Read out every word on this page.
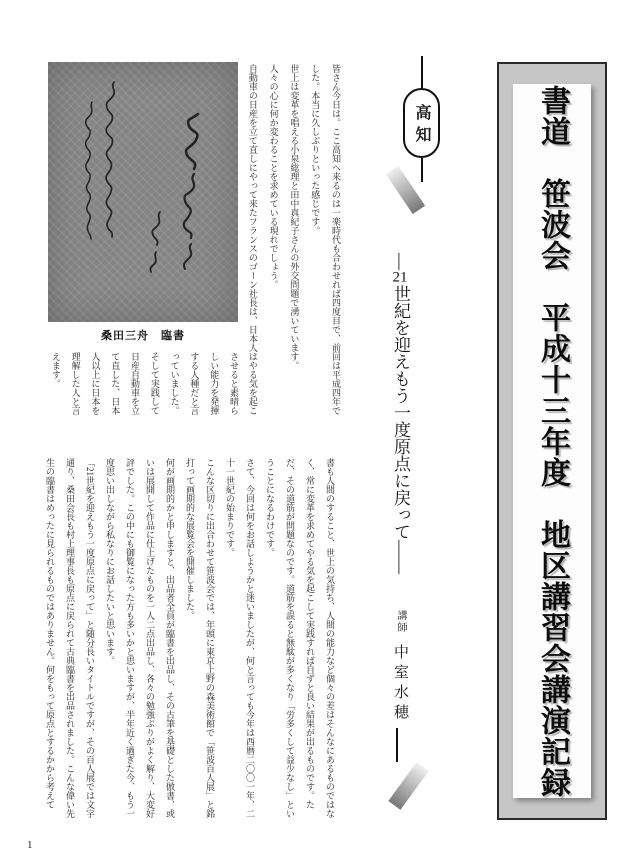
書道　笹波会　平成十三年度　地区講習会講演記録
高知
―21世紀を迎えもう一度原点に戻って――講師中室水穂
桑田三舟　臨書	皆さん今日は。ここ高知へ来るのは一楽時代も合わせれば四度目で、前回は平成四年でした。本当に久しぶりといった感じです。

世上は変革を唱える小泉総理と田中真紀子さんの外交問題で湧いています。

人々の心に何か変わることを求めている現れでしょう。

自動車の日産を立て直しにやって来たフランスのゴーン社長は、日本人はやる気を起こ

させると素晴らしい能力を発揮する人種だと言っていました。そして実践して日産自動車を立て直した、日本人以上に日本を理解した人と言えます。

書も人間のすること、世上の気持ち、人間の能力など個々の差はそんなにあるものではなく、常に変革を求めてやる気を起こして実践すれば自ずと良い結果が出るものです。ただ、その道筋が問題なのです。道筋を誤ると無駄が多くなり「労多くして益少なし」ということになるわけです。

さて、今回は何をお話しようかと迷いましたが、何と言っても今年は西暦二〇〇一年、二十一世紀の始まりです。

こんな区切りに出合わせて笹波会では、年頭に東京上野の森美術館で「笹波百人展」と銘打って画期的な展覧会を開催しました。

何が画期的かと申しますと、出品者全員が臨書を出品し、その古筆を基礎とした倣書、或いは展開して作品に仕上げたものを一人二点出品し、各々の勉強ぶりがよく解り、大変好評でした。この中にも御覧になった方も多いかと思いますが、半年近く過ぎた今、もう一度思い出しながら私なりにお話したいと思います。

「21世紀を迎えもう一度原点に戻って」と随分長いタイトルですが、その百人展では文字通り、桑田会長も村上理事長も原点に戻られて古典臨書を出品されました。こんな偉い先生の臨書はめったに見られるものではありません。何をもって原点とするかから考えて

1
